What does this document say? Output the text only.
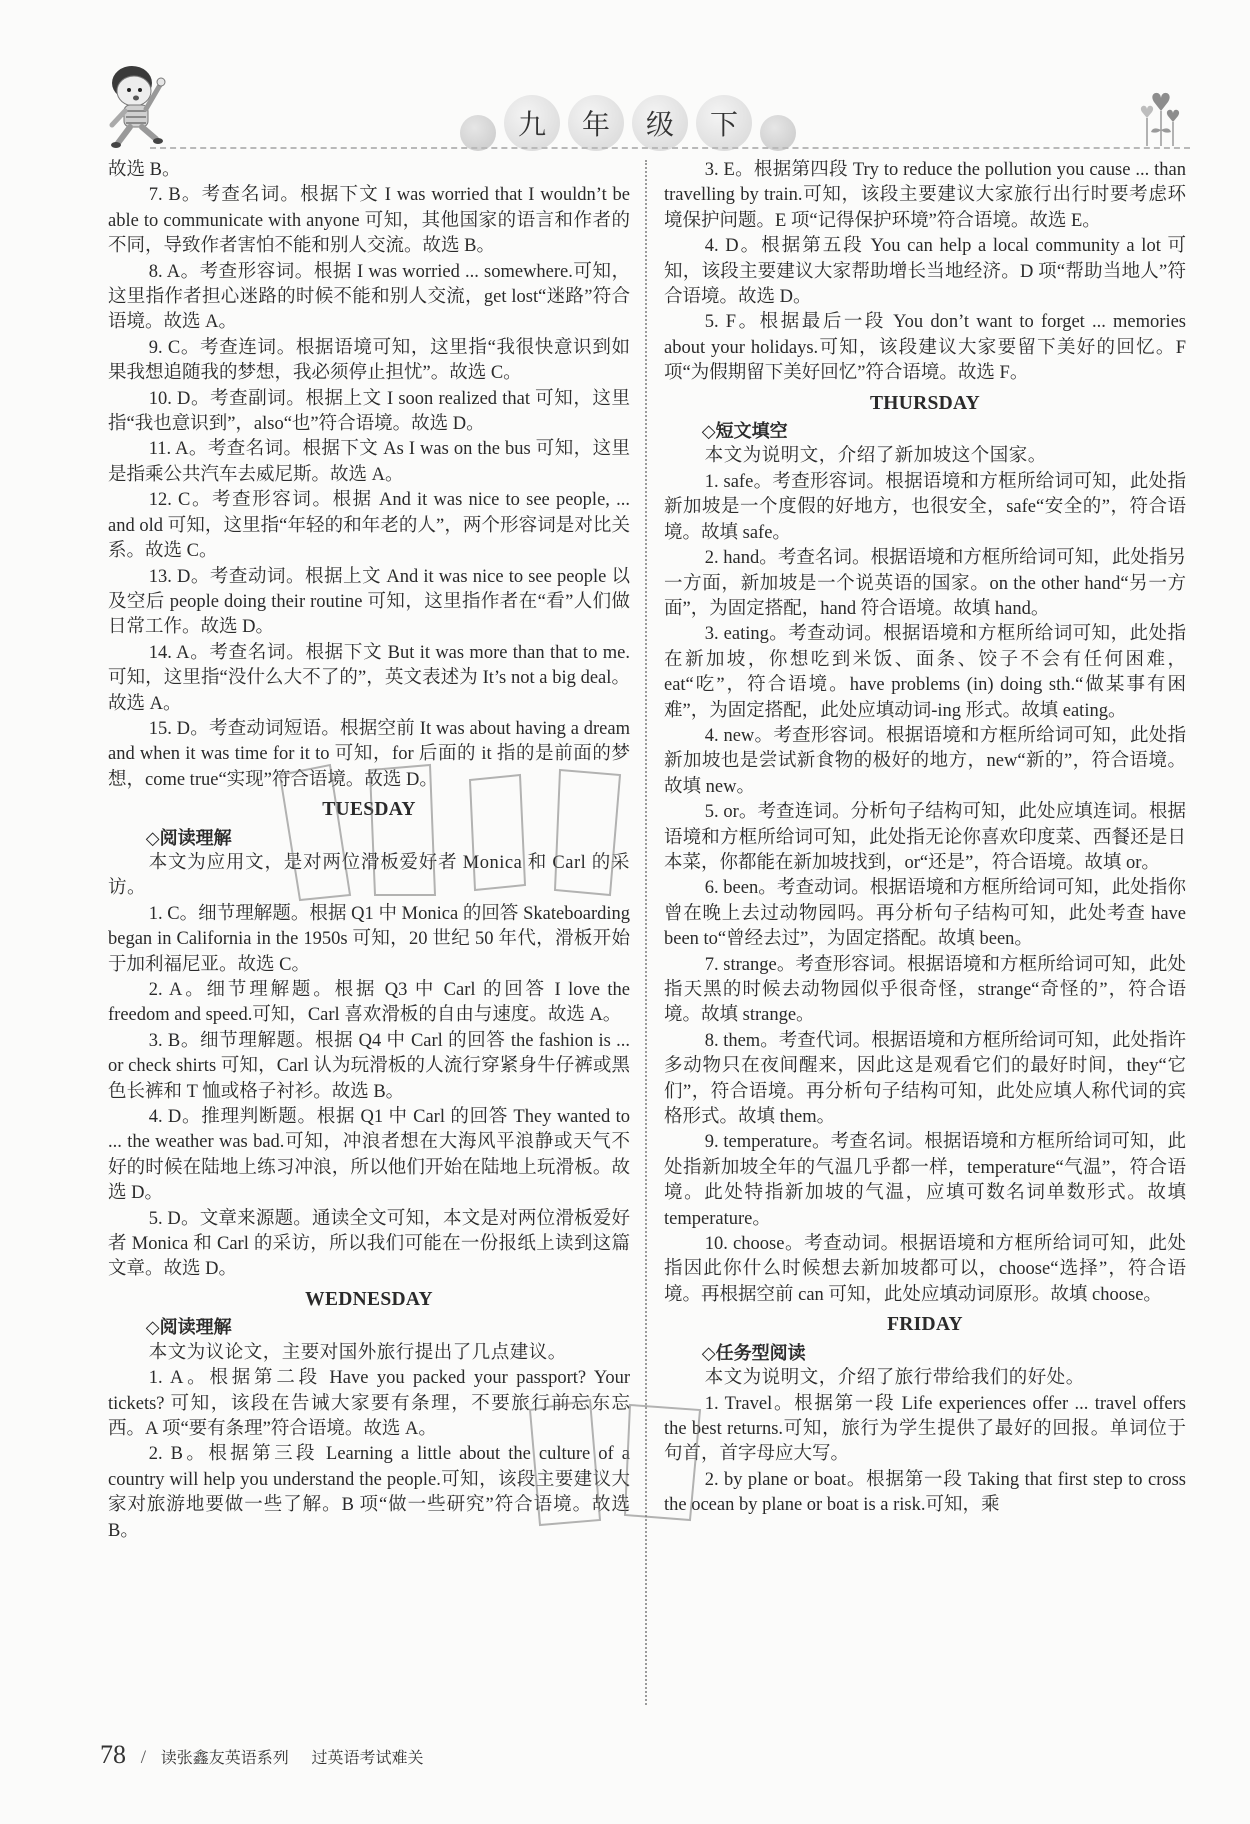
九	年	级	下

故选 B。

7. B。考查名词。根据下文 I was worried that I wouldn’t be able to communicate with anyone 可知，其他国家的语言和作者的不同，导致作者害怕不能和别人交流。故选 B。

8. A。考查形容词。根据 I was worried ... somewhere.可知，这里指作者担心迷路的时候不能和别人交流，get lost“迷路”符合语境。故选 A。

9. C。考查连词。根据语境可知，这里指“我很快意识到如果我想追随我的梦想，我必须停止担忧”。故选 C。

10. D。考查副词。根据上文 I soon realized that 可知，这里指“我也意识到”，also“也”符合语境。故选 D。

11. A。考查名词。根据下文 As I was on the bus 可知，这里是指乘公共汽车去威尼斯。故选 A。

12. C。考查形容词。根据 And it was nice to see people, ... and old 可知，这里指“年轻的和年老的人”，两个形容词是对比关系。故选 C。

13. D。考查动词。根据上文 And it was nice to see people 以及空后 people doing their routine 可知，这里指作者在“看”人们做日常工作。故选 D。

14. A。考查名词。根据下文 But it was more than that to me.可知，这里指“没什么大不了的”，英文表述为 It’s not a big deal。故选 A。

15. D。考查动词短语。根据空前 It was about having a dream and when it was time for it to 可知，for 后面的 it 指的是前面的梦想，come true“实现”符合语境。故选 D。

TUESDAY

◇阅读理解

本文为应用文，是对两位滑板爱好者 Monica 和 Carl 的采访。

1. C。细节理解题。根据 Q1 中 Monica 的回答 Skateboarding began in California in the 1950s 可知，20 世纪 50 年代，滑板开始于加利福尼亚。故选 C。

2. A。细节理解题。根据 Q3 中 Carl 的回答 I love the freedom and speed.可知，Carl 喜欢滑板的自由与速度。故选 A。

3. B。细节理解题。根据 Q4 中 Carl 的回答 the fashion is ... or check shirts 可知，Carl 认为玩滑板的人流行穿紧身牛仔裤或黑色长裤和 T 恤或格子衬衫。故选 B。

4. D。推理判断题。根据 Q1 中 Carl 的回答 They wanted to ... the weather was bad.可知，冲浪者想在大海风平浪静或天气不好的时候在陆地上练习冲浪，所以他们开始在陆地上玩滑板。故选 D。

5. D。文章来源题。通读全文可知，本文是对两位滑板爱好者 Monica 和 Carl 的采访，所以我们可能在一份报纸上读到这篇文章。故选 D。

WEDNESDAY

◇阅读理解

本文为议论文，主要对国外旅行提出了几点建议。

1. A。根据第二段 Have you packed your passport? Your tickets? 可知，该段在告诫大家要有条理，不要旅行前忘东忘西。A 项“要有条理”符合语境。故选 A。

2. B。根据第三段 Learning a little about the culture of a country will help you understand the people.可知，该段主要建议大家对旅游地要做一些了解。B 项“做一些研究”符合语境。故选 B。

3. E。根据第四段 Try to reduce the pollution you cause ... than travelling by train.可知，该段主要建议大家旅行出行时要考虑环境保护问题。E 项“记得保护环境”符合语境。故选 E。

4. D。根据第五段 You can help a local community a lot 可知，该段主要建议大家帮助增长当地经济。D 项“帮助当地人”符合语境。故选 D。

5. F。根据最后一段 You don’t want to forget ... memories about your holidays.可知，该段建议大家要留下美好的回忆。F 项“为假期留下美好回忆”符合语境。故选 F。

THURSDAY

◇短文填空

本文为说明文，介绍了新加坡这个国家。

1. safe。考查形容词。根据语境和方框所给词可知，此处指新加坡是一个度假的好地方，也很安全，safe“安全的”，符合语境。故填 safe。

2. hand。考查名词。根据语境和方框所给词可知，此处指另一方面，新加坡是一个说英语的国家。on the other hand“另一方面”，为固定搭配，hand 符合语境。故填 hand。

3. eating。考查动词。根据语境和方框所给词可知，此处指在新加坡，你想吃到米饭、面条、饺子不会有任何困难，eat“吃”，符合语境。have problems (in) doing sth.“做某事有困难”，为固定搭配，此处应填动词-ing 形式。故填 eating。

4. new。考查形容词。根据语境和方框所给词可知，此处指新加坡也是尝试新食物的极好的地方，new“新的”，符合语境。故填 new。

5. or。考查连词。分析句子结构可知，此处应填连词。根据语境和方框所给词可知，此处指无论你喜欢印度菜、西餐还是日本菜，你都能在新加坡找到，or“还是”，符合语境。故填 or。

6. been。考查动词。根据语境和方框所给词可知，此处指你曾在晚上去过动物园吗。再分析句子结构可知，此处考查 have been to“曾经去过”，为固定搭配。故填 been。

7. strange。考查形容词。根据语境和方框所给词可知，此处指天黑的时候去动物园似乎很奇怪，strange“奇怪的”，符合语境。故填 strange。

8. them。考查代词。根据语境和方框所给词可知，此处指许多动物只在夜间醒来，因此这是观看它们的最好时间，they“它们”，符合语境。再分析句子结构可知，此处应填人称代词的宾格形式。故填 them。

9. temperature。考查名词。根据语境和方框所给词可知，此处指新加坡全年的气温几乎都一样，temperature“气温”，符合语境。此处特指新加坡的气温，应填可数名词单数形式。故填 temperature。

10. choose。考查动词。根据语境和方框所给词可知，此处指因此你什么时候想去新加坡都可以，choose“选择”，符合语境。再根据空前 can 可知，此处应填动词原形。故填 choose。

FRIDAY

◇任务型阅读

本文为说明文，介绍了旅行带给我们的好处。

1. Travel。根据第一段 Life experiences offer ... travel offers the best returns.可知，旅行为学生提供了最好的回报。单词位于句首，首字母应大写。

2. by plane or boat。根据第一段 Taking that first step to cross the ocean by plane or boat is a risk.可知，乘

78 / 读张鑫友英语系列 过英语考试难关
